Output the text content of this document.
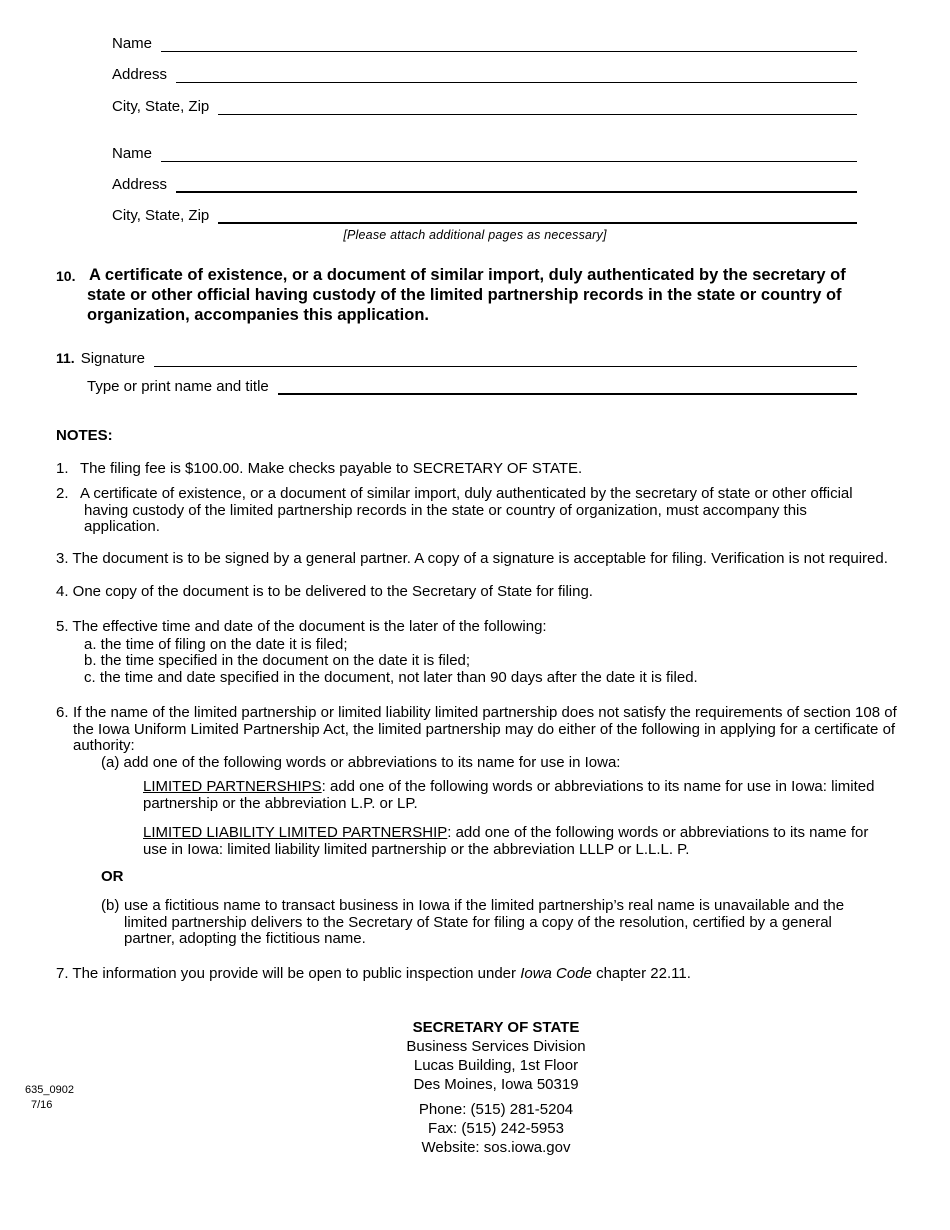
Name
Address
City, State, Zip
Name
Address
City, State, Zip
[Please attach additional pages as necessary]
10. A certificate of existence, or a document of similar import, duly authenticated by the secretary of state or other official having custody of the limited partnership records in the state or country of organization, accompanies this application.
11. Signature
Type or print name and title
NOTES:
1. The filing fee is $100.00. Make checks payable to SECRETARY OF STATE.
2. A certificate of existence, or a document of similar import, duly authenticated by the secretary of state or other official
having custody of the limited partnership records in the state or country of organization, must accompany this application.
3. The document is to be signed by a general partner. A copy of a signature is acceptable for filing. Verification is not required.
4. One copy of the document is to be delivered to the Secretary of State for filing.
5. The effective time and date of the document is the later of the following:
a. the time of filing on the date it is filed;
b. the time specified in the document on the date it is filed;
c. the time and date specified in the document, not later than 90 days after the date it is filed.
6. If the name of the limited partnership or limited liability limited partnership does not satisfy the requirements of section 108 of the Iowa Uniform Limited Partnership Act, the limited partnership may do either of the following in applying for a certificate of authority:
(a) add one of the following words or abbreviations to its name for use in Iowa:
LIMITED PARTNERSHIPS: add one of the following words or abbreviations to its name for use in Iowa: limited partnership or the abbreviation L.P. or LP.
LIMITED LIABILITY LIMITED PARTNERSHIP: add one of the following words or abbreviations to its name for use in Iowa: limited liability limited partnership or the abbreviation LLLP or L.L.L. P.
OR
(b) use a fictitious name to transact business in Iowa if the limited partnership’s real name is unavailable and the limited partnership delivers to the Secretary of State for filing a copy of the resolution, certified by a general partner, adopting the fictitious name.
7. The information you provide will be open to public inspection under Iowa Code chapter 22.11.
SECRETARY OF STATE
Business Services Division
Lucas Building, 1st Floor
Des Moines, Iowa 50319
Phone: (515) 281-5204
Fax: (515) 242-5953
Website: sos.iowa.gov
635_0902
7/16
